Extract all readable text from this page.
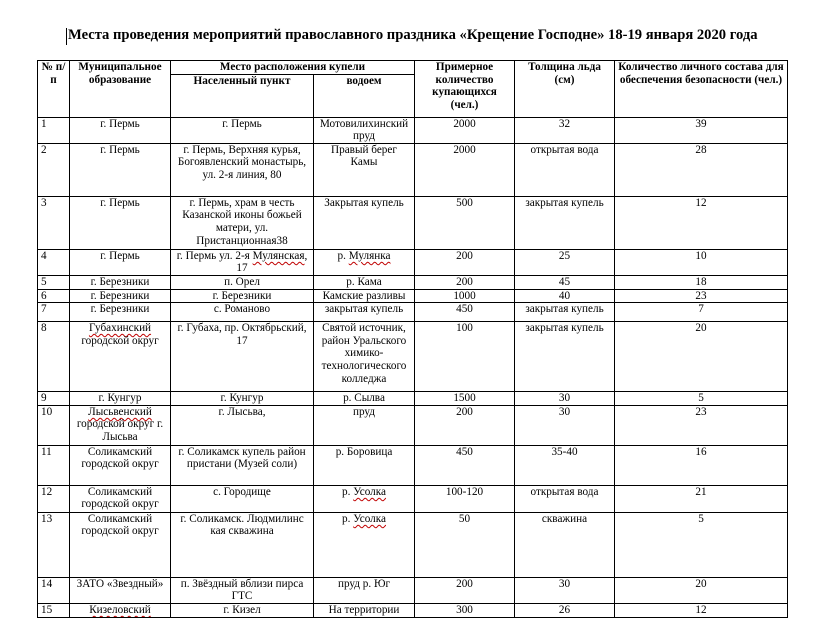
Места проведения мероприятий православного праздника «Крещение Господне» 18-19 января 2020 года
№ п/п	Муниципальное образование	Место расположения купели		Примерное количество купающихся (чел.)	Толщина льда (см)	Количество личного состава для обеспечения безопасности (чел.)
		Населенный пункт	водоем			
1	г. Пермь	г. Пермь	Мотовилихинский пруд	2000	32	39
2	г. Пермь	г. Пермь, Верхняя курья, Богоявленский монастырь, ул. 2-я линия, 80	Правый берег Камы	2000	открытая вода	28
3	г. Пермь	г. Пермь, храм в честь Казанской иконы божьей матери, ул. Пристанционная38	Закрытая купель	500	закрытая купель	12
4	г. Пермь	г. Пермь ул. 2-я Мулянская, 17	р. Мулянка	200	25	10
5	г. Березники	п. Орел	р. Кама	200	45	18
6	г. Березники	г. Березники	Камские разливы	1000	40	23
7	г. Березники	с. Романово	закрытая купель	450	закрытая купель	7
8	Губахинский городской округ	г. Губаха, пр. Октябрьский, 17	Святой источник, район Уральского химико-технологического колледжа	100	закрытая купель	20
9	г. Кунгур	г. Кунгур	р. Сылва	1500	30	5
10	Лысьвенский городской округ г. Лысьва	г. Лысьва,	пруд	200	30	23
11	Соликамский городской округ	г. Соликамск купель район пристани (Музей соли)	р. Боровица	450	35-40	16
12	Соликамский городской округ	с. Городище	р. Усолка	100-120	открытая вода	21
13	Соликамский городской округ	г. Соликамск. Людмилинс кая скважина	р. Усолка	50	скважина	5
14	ЗАТО «Звездный»	п. Звёздный вблизи пирса ГТС	пруд р. Юг	200	30	20
15	Кизеловский	г. Кизел	На территории	300	26	12
